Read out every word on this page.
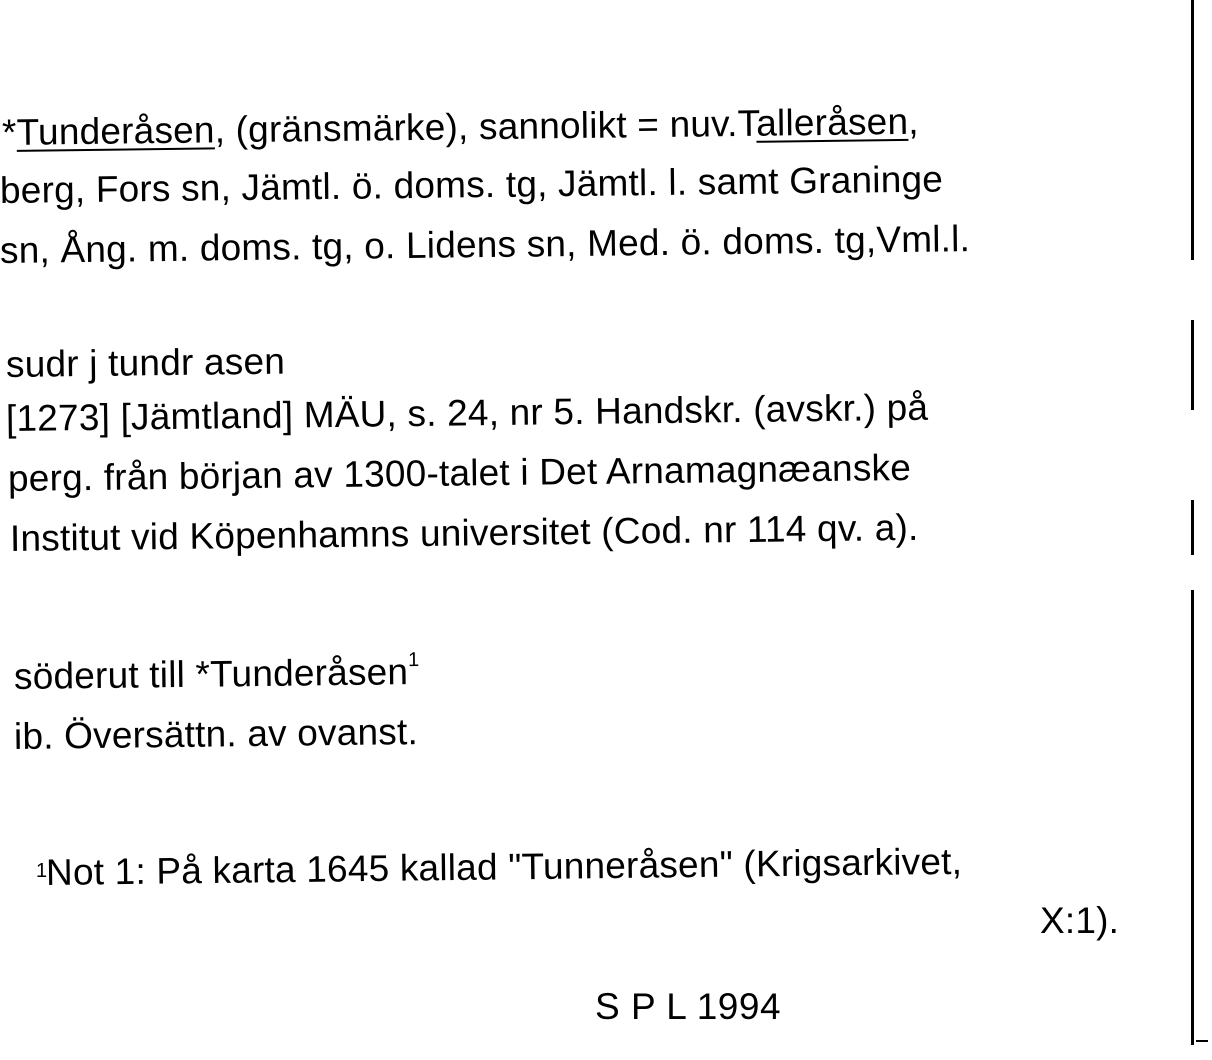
*Tunderåsen, (gränsmärke), sannolikt = nuv.Talleråsen,
berg, Fors sn, Jämtl. ö. doms. tg, Jämtl. l. samt Graninge
sn, Ång. m. doms. tg, o. Lidens sn, Med. ö. doms. tg,Vml.l.
sudr j tundr asen
[1273] [Jämtland] MÄU, s. 24, nr 5. Handskr. (avskr.) på
perg. från början av 1300-talet i Det Arnamagnæanske
Institut vid Köpenhamns universitet (Cod. nr 114 qv. a).
söderut till *Tunderåsen$^1$
ib. Översättn. av ovanst.
1
Not 1: På karta 1645 kallad "Tunneråsen" (Krigsarkivet,
X:1).
S P L 1994
